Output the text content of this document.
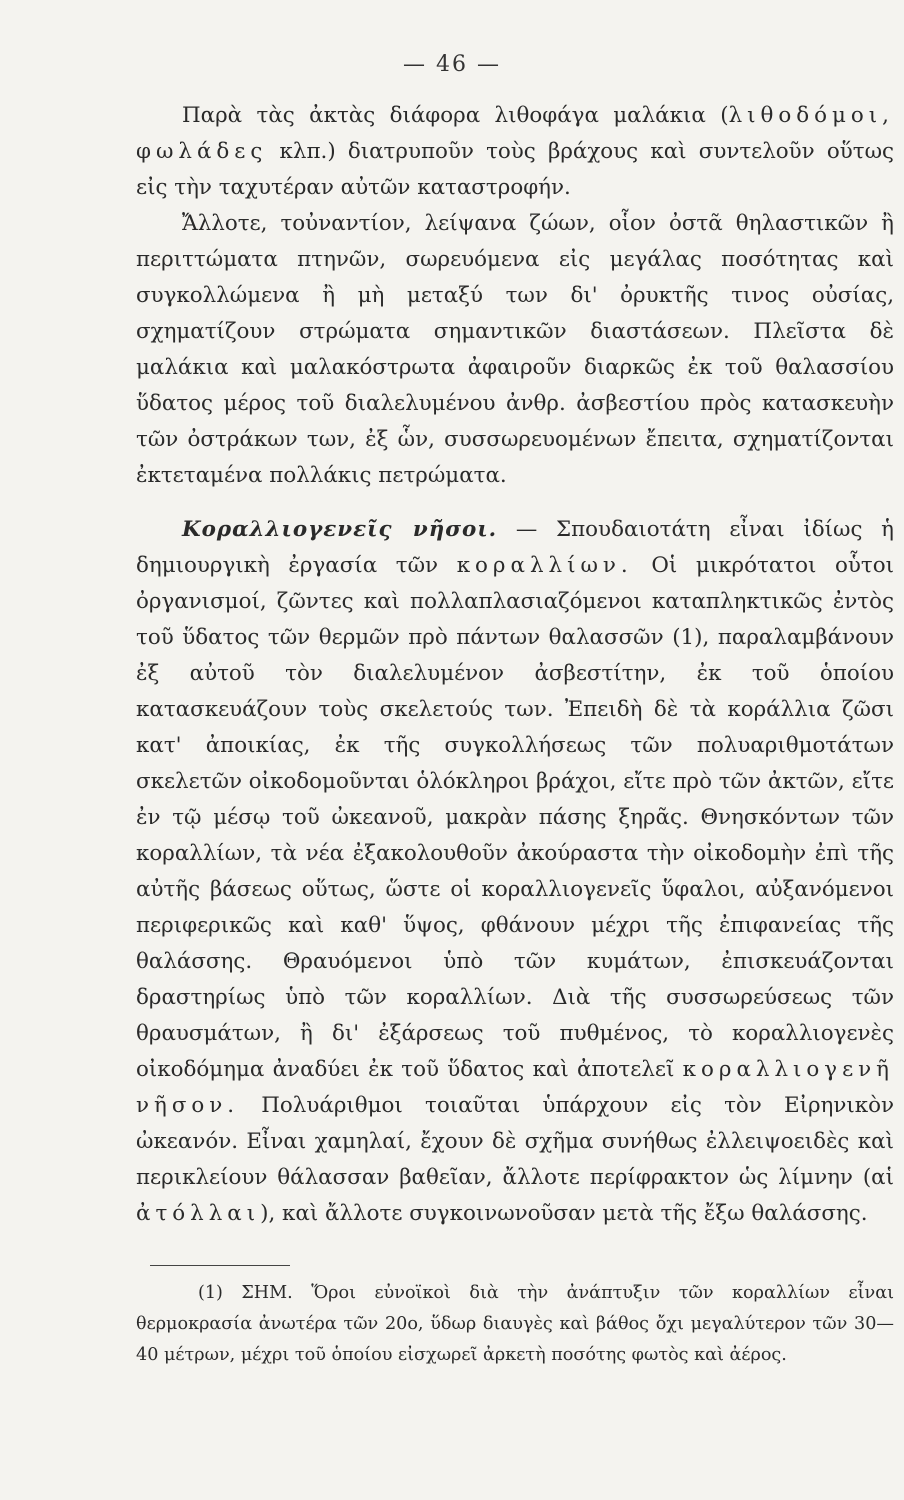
— 46 —

Παρὰ τὰς ἀκτὰς διάφορα λιθοφάγα μαλάκια (λιθοδόμοι, φωλάδες κλπ.) διατρυποῦν τοὺς βράχους καὶ συντελοῦν οὕτως εἰς τὴν ταχυτέραν αὐτῶν καταστροφήν.

Ἄλλοτε, τοὐναντίον, λείψανα ζώων, οἷον ὀστᾶ θηλαστικῶν ἢ περιττώματα πτηνῶν, σωρευόμενα εἰς μεγάλας ποσότητας καὶ συγκολλώμενα ἢ μὴ μεταξύ των δι' ὀρυκτῆς τινος οὐσίας, σχηματίζουν στρώματα σημαντικῶν διαστάσεων. Πλεῖστα δὲ μαλάκια καὶ μαλακόστρωτα ἀφαιροῦν διαρκῶς ἐκ τοῦ θαλασσίου ὕδατος μέρος τοῦ διαλελυμένου ἀνθρ. ἀσβεστίου πρὸς κατασκευὴν τῶν ὀστράκων των, ἐξ ὧν, συσσωρευομένων ἔπειτα, σχηματίζονται ἐκτεταμένα πολλάκις πετρώματα.

Κοραλλιογενεῖς νῆσοι. — Σπουδαιοτάτη εἶναι ἰδίως ἡ δημιουργικὴ ἐργασία τῶν κοραλλίων. Οἱ μικρότατοι οὗτοι ὀργανισμοί, ζῶντες καὶ πολλαπλασιαζόμενοι καταπληκτικῶς ἐντὸς τοῦ ὕδατος τῶν θερμῶν πρὸ πάντων θαλασσῶν (1), παραλαμβάνουν ἐξ αὐτοῦ τὸν διαλελυμένον ἀσβεστίτην, ἐκ τοῦ ὁποίου κατασκευάζουν τοὺς σκελετούς των. Ἐπειδὴ δὲ τὰ κοράλλια ζῶσι κατ' ἀποικίας, ἐκ τῆς συγκολλήσεως τῶν πολυαριθμοτάτων σκελετῶν οἰκοδομοῦνται ὁλόκληροι βράχοι, εἴτε πρὸ τῶν ἀκτῶν, εἴτε ἐν τῷ μέσῳ τοῦ ὠκεανοῦ, μακρὰν πάσης ξηρᾶς. Θνησκόντων τῶν κοραλλίων, τὰ νέα ἐξακολουθοῦν ἀκούραστα τὴν οἰκοδομὴν ἐπὶ τῆς αὐτῆς βάσεως οὕτως, ὥστε οἱ κοραλλιογενεῖς ὕφαλοι, αὐξανόμενοι περιφερικῶς καὶ καθ' ὕψος, φθάνουν μέχρι τῆς ἐπιφανείας τῆς θαλάσσης. Θραυόμενοι ὑπὸ τῶν κυμάτων, ἐπισκευάζονται δραστηρίως ὑπὸ τῶν κοραλλίων. Διὰ τῆς συσσωρεύσεως τῶν θραυσμάτων, ἢ δι' ἐξάρσεως τοῦ πυθμένος, τὸ κοραλλιογενὲς οἰκοδόμημα ἀναδύει ἐκ τοῦ ὕδατος καὶ ἀποτελεῖ κοραλλιογενῆ νῆσον. Πολυάριθμοι τοιαῦται ὑπάρχουν εἰς τὸν Εἰρηνικὸν ὠκεανόν. Εἶναι χαμηλαί, ἔχουν δὲ σχῆμα συνήθως ἐλλειψοειδὲς καὶ περικλείουν θάλασσαν βαθεῖαν, ἄλλοτε περίφρακτον ὡς λίμνην (αἱ ἀτόλλαι), καὶ ἄλλοτε συγκοινωνοῦσαν μετὰ τῆς ἔξω θαλάσσης.

(1) ΣΗΜ. Ὅροι εὐνοϊκοὶ διὰ τὴν ἀνάπτυξιν τῶν κοραλλίων εἶναι θερμοκρασία ἀνωτέρα τῶν 20ο, ὕδωρ διαυγὲς καὶ βάθος ὄχι μεγαλύτερον τῶν 30—40 μέτρων, μέχρι τοῦ ὁποίου εἰσχωρεῖ ἀρκετὴ ποσότης φωτὸς καὶ ἀέρος.
